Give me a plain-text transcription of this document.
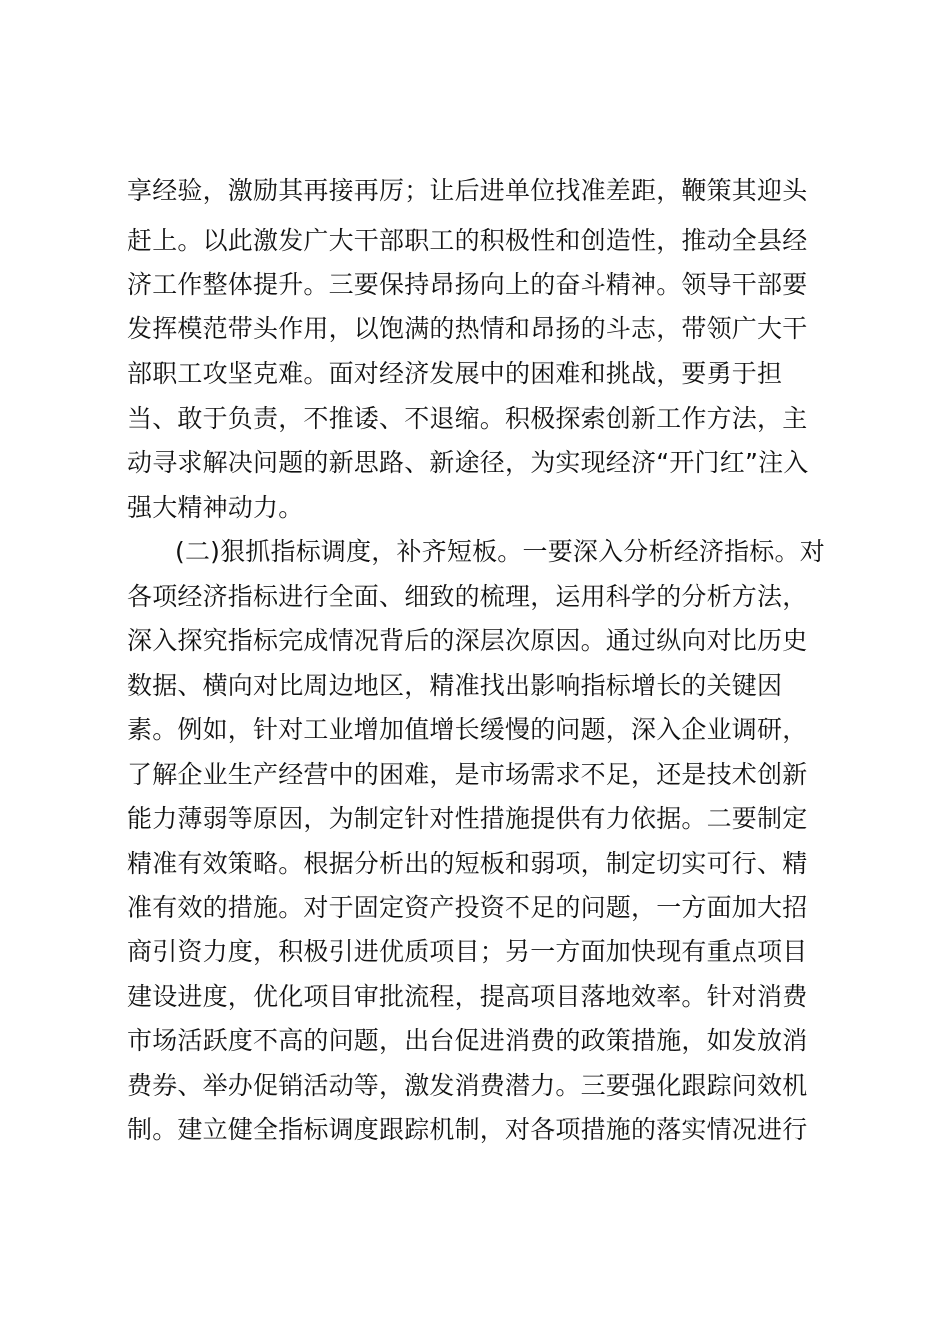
享经验，激励其再接再厉；让后进单位找准差距，鞭策其迎头
赶上。以此激发广大干部职工的积极性和创造性，推动全县经
济工作整体提升。三要保持昂扬向上的奋斗精神。领导干部要
发挥模范带头作用，以饱满的热情和昂扬的斗志，带领广大干
部职工攻坚克难。面对经济发展中的困难和挑战，要勇于担
当、敢于负责，不推诿、不退缩。积极探索创新工作方法，主
动寻求解决问题的新思路、新途径，为实现经济“开门红”注入
强大精神动力。
(二)狠抓指标调度，补齐短板。一要深入分析经济指标。对
各项经济指标进行全面、细致的梳理，运用科学的分析方法，
深入探究指标完成情况背后的深层次原因。通过纵向对比历史
数据、横向对比周边地区，精准找出影响指标增长的关键因
素。例如，针对工业增加值增长缓慢的问题，深入企业调研，
了解企业生产经营中的困难，是市场需求不足，还是技术创新
能力薄弱等原因，为制定针对性措施提供有力依据。二要制定
精准有效策略。根据分析出的短板和弱项，制定切实可行、精
准有效的措施。对于固定资产投资不足的问题，一方面加大招
商引资力度，积极引进优质项目；另一方面加快现有重点项目
建设进度，优化项目审批流程，提高项目落地效率。针对消费
市场活跃度不高的问题，出台促进消费的政策措施，如发放消
费券、举办促销活动等，激发消费潜力。三要强化跟踪问效机
制。建立健全指标调度跟踪机制，对各项措施的落实情况进行
